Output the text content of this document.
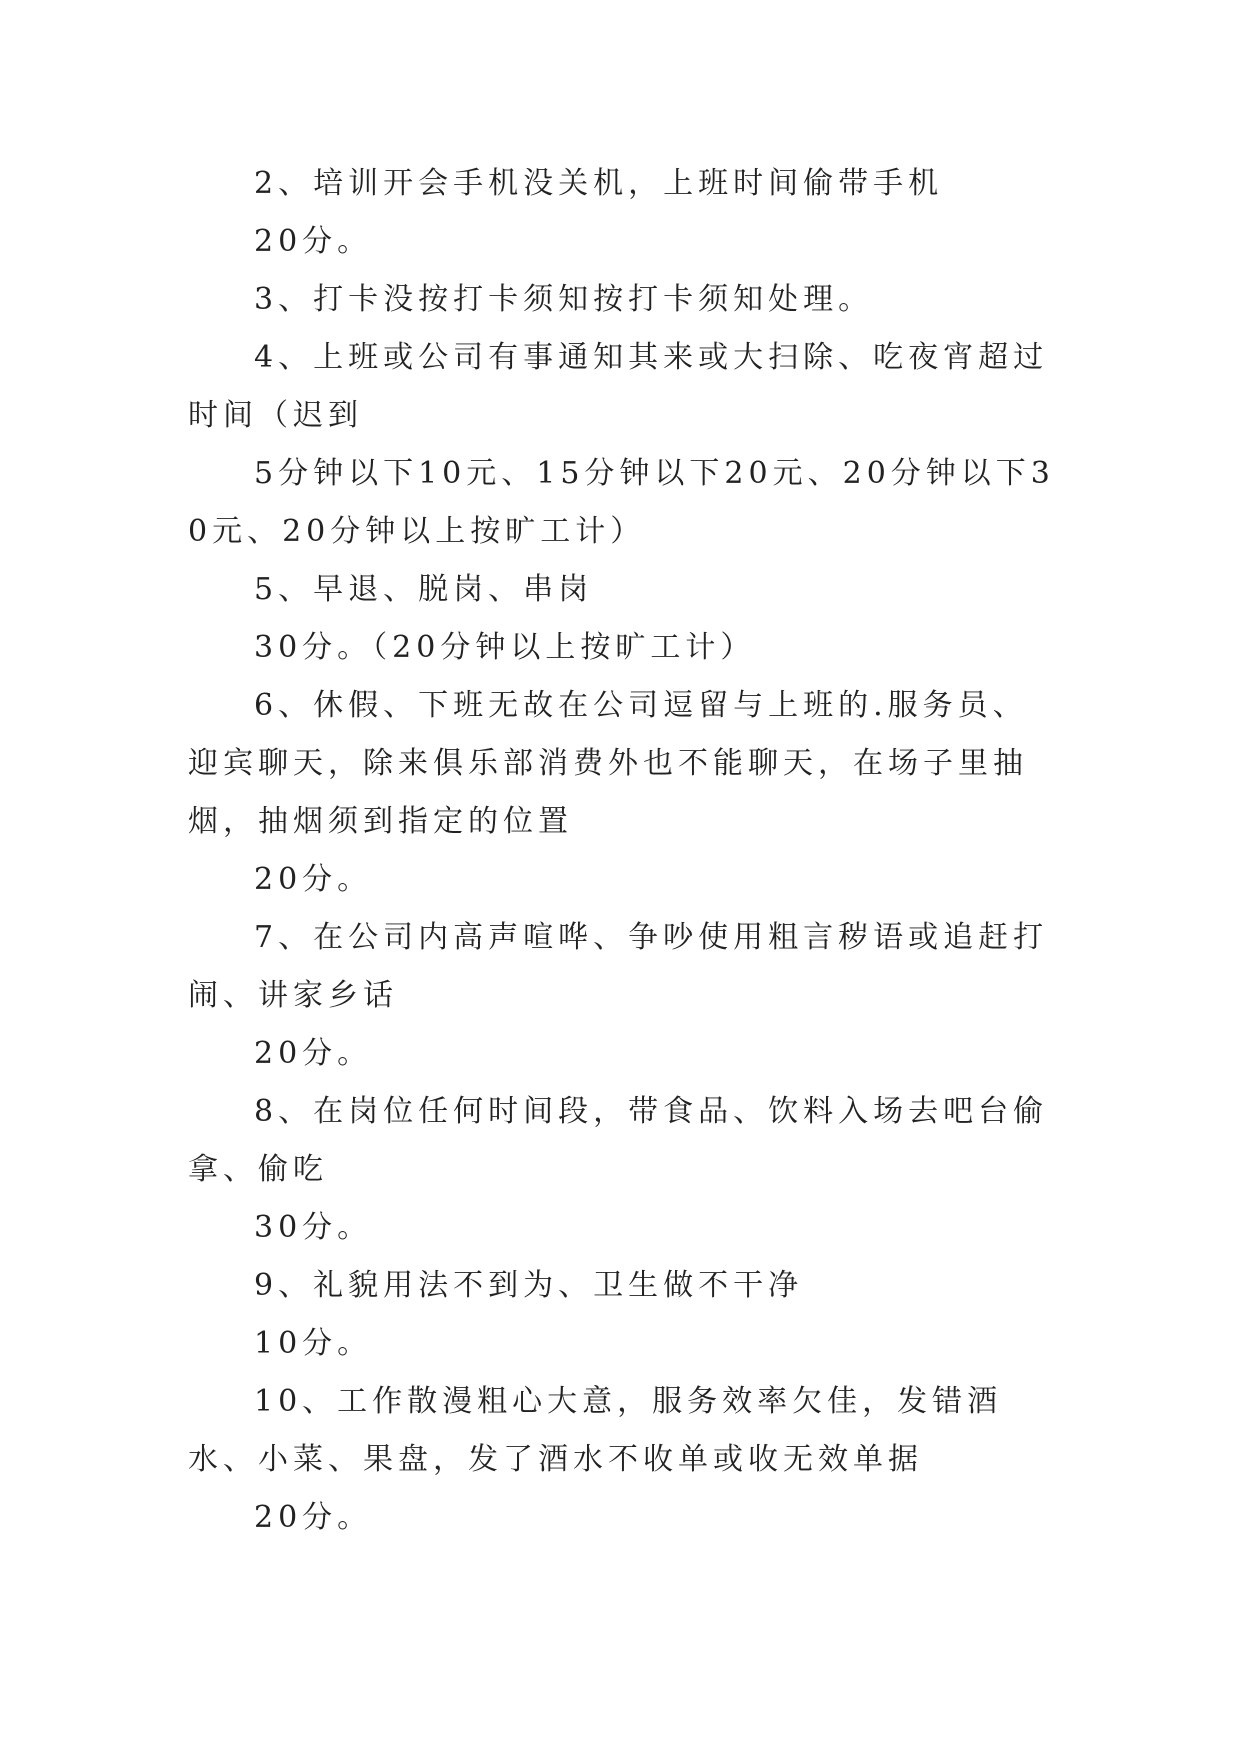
2、培训开会手机没关机，上班时间偷带手机

20分。

3、打卡没按打卡须知按打卡须知处理。

4、上班或公司有事通知其来或大扫除、吃夜宵超过时间（迟到

5分钟以下10元、15分钟以下20元、20分钟以下30元、20分钟以上按旷工计）

5、早退、脱岗、串岗

30分。（20分钟以上按旷工计）

6、休假、下班无故在公司逗留与上班的.服务员、迎宾聊天，除来俱乐部消费外也不能聊天，在场子里抽烟，抽烟须到指定的位置

20分。

7、在公司内高声喧哗、争吵使用粗言秽语或追赶打闹、讲家乡话

20分。

8、在岗位任何时间段，带食品、饮料入场去吧台偷拿、偷吃

30分。

9、礼貌用法不到为、卫生做不干净

10分。

10、工作散漫粗心大意，服务效率欠佳，发错酒水、小菜、果盘，发了酒水不收单或收无效单据

20分。
